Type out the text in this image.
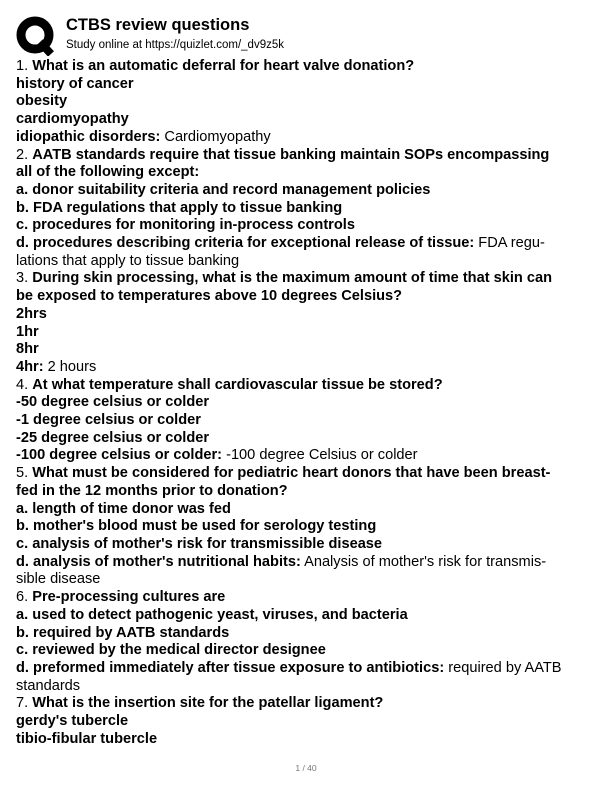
CTBS review questions
Study online at https://quizlet.com/_dv9z5k
1. What is an automatic deferral for heart valve donation?
history of cancer
obesity
cardiomyopathy
idiopathic disorders: Cardiomyopathy
2. AATB standards require that tissue banking maintain SOPs encompassing
all of the following except:
a. donor suitability criteria and record management policies
b. FDA regulations that apply to tissue banking
c. procedures for monitoring in-process controls
d. procedures describing criteria for exceptional release of tissue: FDA regu-
lations that apply to tissue banking
3. During skin processing, what is the maximum amount of time that skin can
be exposed to temperatures above 10 degrees Celsius?
2hrs
1hr
8hr
4hr: 2 hours
4. At what temperature shall cardiovascular tissue be stored?
-50 degree celsius or colder
-1 degree celsius or colder
-25 degree celsius or colder
-100 degree celsius or colder: -100 degree Celsius or colder
5. What must be considered for pediatric heart donors that have been breast-
fed in the 12 months prior to donation?
a. length of time donor was fed
b. mother's blood must be used for serology testing
c. analysis of mother's risk for transmissible disease
d. analysis of mother's nutritional habits: Analysis of mother's risk for transmis-
sible disease
6. Pre-processing cultures are
a. used to detect pathogenic yeast, viruses, and bacteria
b. required by AATB standards
c. reviewed by the medical director designee
d. preformed immediately after tissue exposure to antibiotics: required by AATB
standards
7. What is the insertion site for the patellar ligament?
gerdy's tubercle
tibio-fibular tubercle
1 / 40
